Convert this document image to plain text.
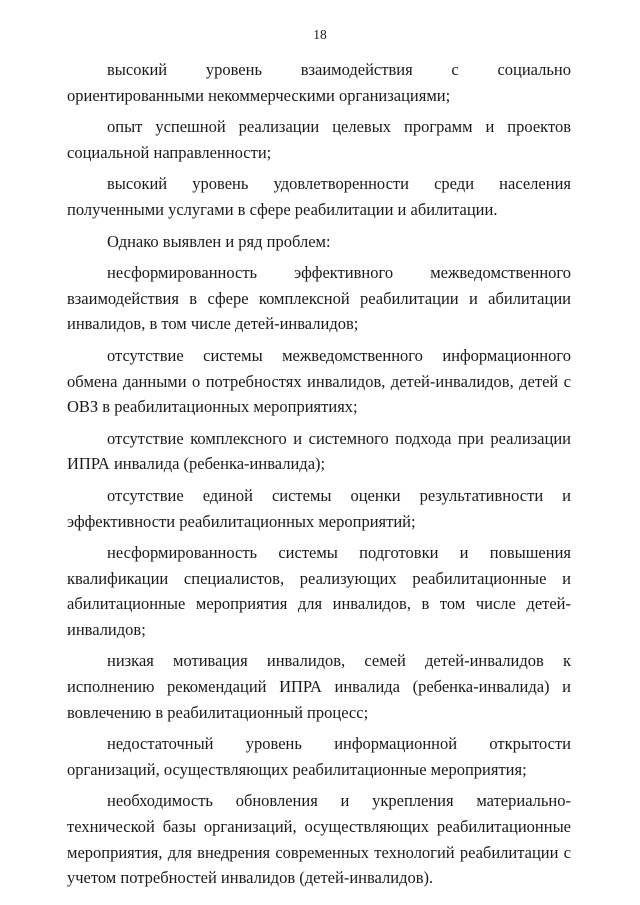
18

высокий уровень взаимодействия с социально ориентированными некоммерческими организациями;

опыт успешной реализации целевых программ и проектов социальной направленности;

высокий уровень удовлетворенности среди населения полученными услугами в сфере реабилитации и абилитации.

Однако выявлен и ряд проблем:

несформированность эффективного межведомственного взаимодействия в сфере комплексной реабилитации и абилитации инвалидов, в том числе детей-инвалидов;

отсутствие системы межведомственного информационного обмена данными о потребностях инвалидов, детей-инвалидов, детей с ОВЗ в реабилитационных мероприятиях;

отсутствие комплексного и системного подхода при реализации ИПРА инвалида (ребенка-инвалида);

отсутствие единой системы оценки результативности и эффективности реабилитационных мероприятий;

несформированность системы подготовки и повышения квалификации специалистов, реализующих реабилитационные и абилитационные мероприятия для инвалидов, в том числе детей-инвалидов;

низкая мотивация инвалидов, семей детей-инвалидов к исполнению рекомендаций ИПРА инвалида (ребенка-инвалида) и вовлечению в реабилитационный процесс;

недостаточный уровень информационной открытости организаций, осуществляющих реабилитационные мероприятия;

необходимость обновления и укрепления материально-технической базы организаций, осуществляющих реабилитационные мероприятия, для внедрения современных технологий реабилитации с учетом потребностей инвалидов (детей-инвалидов).
